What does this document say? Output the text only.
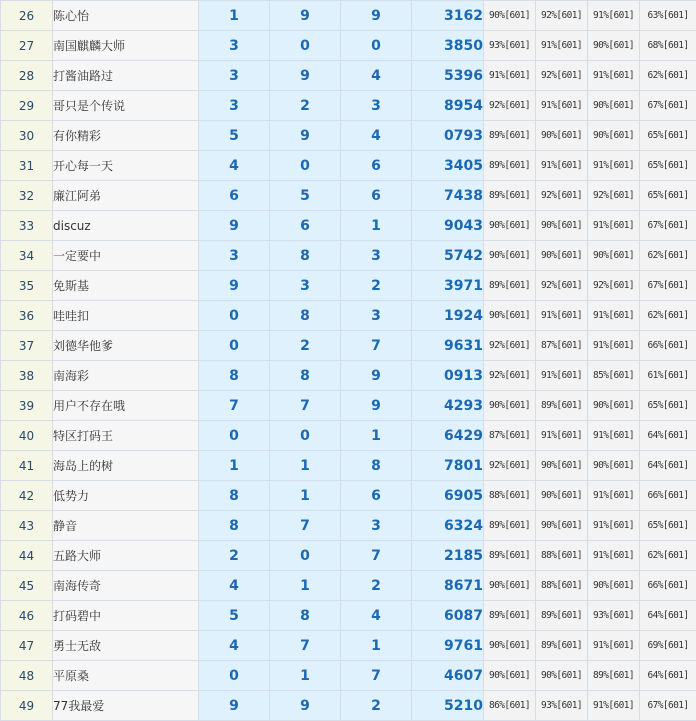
26	陈心怡	1	9	9	3162	90%[601]	92%[601]	91%[601]	63%[601]
27	南国麒麟大师	3	0	0	3850	93%[601]	91%[601]	90%[601]	68%[601]
28	打酱油路过	3	9	4	5396	91%[601]	92%[601]	91%[601]	62%[601]
29	哥只是个传说	3	2	3	8954	92%[601]	91%[601]	90%[601]	67%[601]
30	有你精彩	5	9	4	0793	89%[601]	90%[601]	90%[601]	65%[601]
31	开心每一天	4	0	6	3405	89%[601]	91%[601]	91%[601]	65%[601]
32	廉江阿弟	6	5	6	7438	89%[601]	92%[601]	92%[601]	65%[601]
33	discuz	9	6	1	9043	90%[601]	90%[601]	91%[601]	67%[601]
34	一定要中	3	8	3	5742	90%[601]	90%[601]	90%[601]	62%[601]
35	免斯基	9	3	2	3971	89%[601]	92%[601]	92%[601]	67%[601]
36	哇哇扣	0	8	3	1924	90%[601]	91%[601]	91%[601]	62%[601]
37	刘德华他爹	0	2	7	9631	92%[601]	87%[601]	91%[601]	66%[601]
38	南海彩	8	8	9	0913	92%[601]	91%[601]	85%[601]	61%[601]
39	用户不存在哦	7	7	9	4293	90%[601]	89%[601]	90%[601]	65%[601]
40	特区打码王	0	0	1	6429	87%[601]	91%[601]	91%[601]	64%[601]
41	海岛上的树	1	1	8	7801	92%[601]	90%[601]	90%[601]	64%[601]
42	低势力	8	1	6	6905	88%[601]	90%[601]	91%[601]	66%[601]
43	静音	8	7	3	6324	89%[601]	90%[601]	91%[601]	65%[601]
44	五路大师	2	0	7	2185	89%[601]	88%[601]	91%[601]	62%[601]
45	南海传奇	4	1	2	8671	90%[601]	88%[601]	90%[601]	66%[601]
46	打码碧中	5	8	4	6087	89%[601]	89%[601]	93%[601]	64%[601]
47	勇士无敌	4	7	1	9761	90%[601]	89%[601]	91%[601]	69%[601]
48	平原桑	0	1	7	4607	90%[601]	90%[601]	89%[601]	64%[601]
49	77我最爱	9	9	2	5210	86%[601]	93%[601]	91%[601]	67%[601]
